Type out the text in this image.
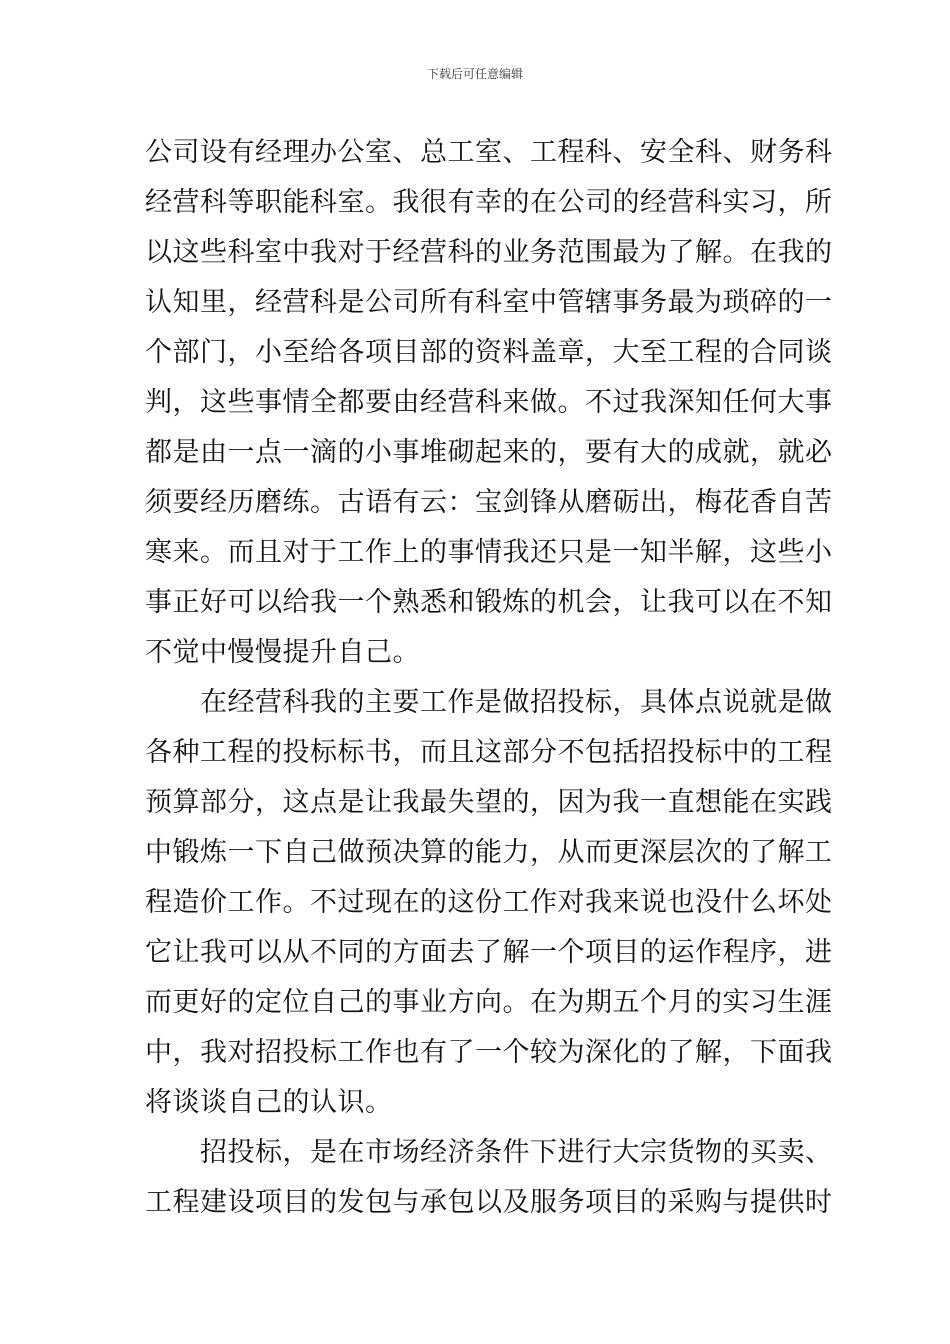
下载后可任意编辑
公司设有经理办公室、总工室、工程科、安全科、财务科
经营科等职能科室。我很有幸的在公司的经营科实习，所
以这些科室中我对于经营科的业务范围最为了解。在我的
认知里，经营科是公司所有科室中管辖事务最为琐碎的一
个部门，小至给各项目部的资料盖章，大至工程的合同谈
判，这些事情全都要由经营科来做。不过我深知任何大事
都是由一点一滴的小事堆砌起来的，要有大的成就，就必
须要经历磨练。古语有云：宝剑锋从磨砺出，梅花香自苦
寒来。而且对于工作上的事情我还只是一知半解，这些小
事正好可以给我一个熟悉和锻炼的机会，让我可以在不知
不觉中慢慢提升自己。
　　在经营科我的主要工作是做招投标，具体点说就是做
各种工程的投标标书，而且这部分不包括招投标中的工程
预算部分，这点是让我最失望的，因为我一直想能在实践
中锻炼一下自己做预决算的能力，从而更深层次的了解工
程造价工作。不过现在的这份工作对我来说也没什么坏处
它让我可以从不同的方面去了解一个项目的运作程序，进
而更好的定位自己的事业方向。在为期五个月的实习生涯
中，我对招投标工作也有了一个较为深化的了解，下面我
将谈谈自己的认识。
　　招投标，是在市场经济条件下进行大宗货物的买卖、
工程建设项目的发包与承包以及服务项目的采购与提供时
